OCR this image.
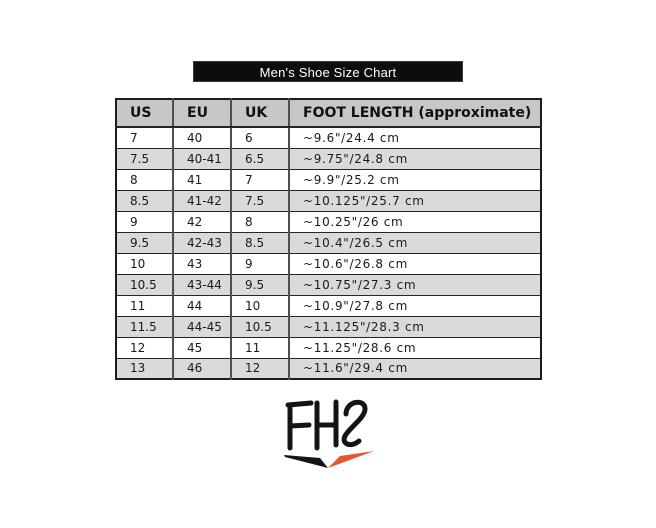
Men's Shoe Size Chart
US	EU	UK	FOOT LENGTH (approximate)
7	40	6	~9.6"/24.4 cm
7.5	40-41	6.5	~9.75"/24.8 cm
8	41	7	~9.9"/25.2 cm
8.5	41-42	7.5	~10.125"/25.7 cm
9	42	8	~10.25"/26 cm
9.5	42-43	8.5	~10.4"/26.5 cm
10	43	9	~10.6"/26.8 cm
10.5	43-44	9.5	~10.75"/27.3 cm
11	44	10	~10.9"/27.8 cm
11.5	44-45	10.5	~11.125"/28.3 cm
12	45	11	~11.25"/28.6 cm
13	46	12	~11.6"/29.4 cm
